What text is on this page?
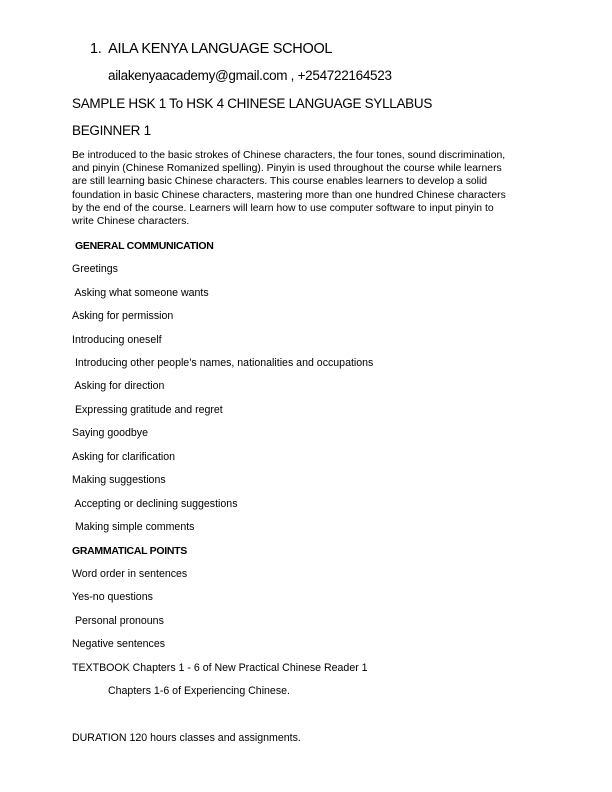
1. AILA KENYA LANGUAGE SCHOOL
ailakenyaacademy@gmail.com , +254722164523
SAMPLE HSK 1 To HSK 4 CHINESE LANGUAGE SYLLABUS
BEGINNER 1
Be introduced to the basic strokes of Chinese characters, the four tones, sound discrimination,
and pinyin (Chinese Romanized spelling). Pinyin is used throughout the course while learners
are still learning basic Chinese characters. This course enables learners to develop a solid
foundation in basic Chinese characters, mastering more than one hundred Chinese characters
by the end of the course. Learners will learn how to use computer software to input pinyin to
write Chinese characters.
GENERAL COMMUNICATION
Greetings
Asking what someone wants
Asking for permission
Introducing oneself
Introducing other people’s names, nationalities and occupations
Asking for direction
Expressing gratitude and regret
Saying goodbye
Asking for clarification
Making suggestions
Accepting or declining suggestions
Making simple comments
GRAMMATICAL POINTS
Word order in sentences
Yes-no questions
Personal pronouns
Negative sentences
TEXTBOOK Chapters 1 - 6 of New Practical Chinese Reader 1
Chapters 1-6 of Experiencing Chinese.
DURATION 120 hours classes and assignments.
